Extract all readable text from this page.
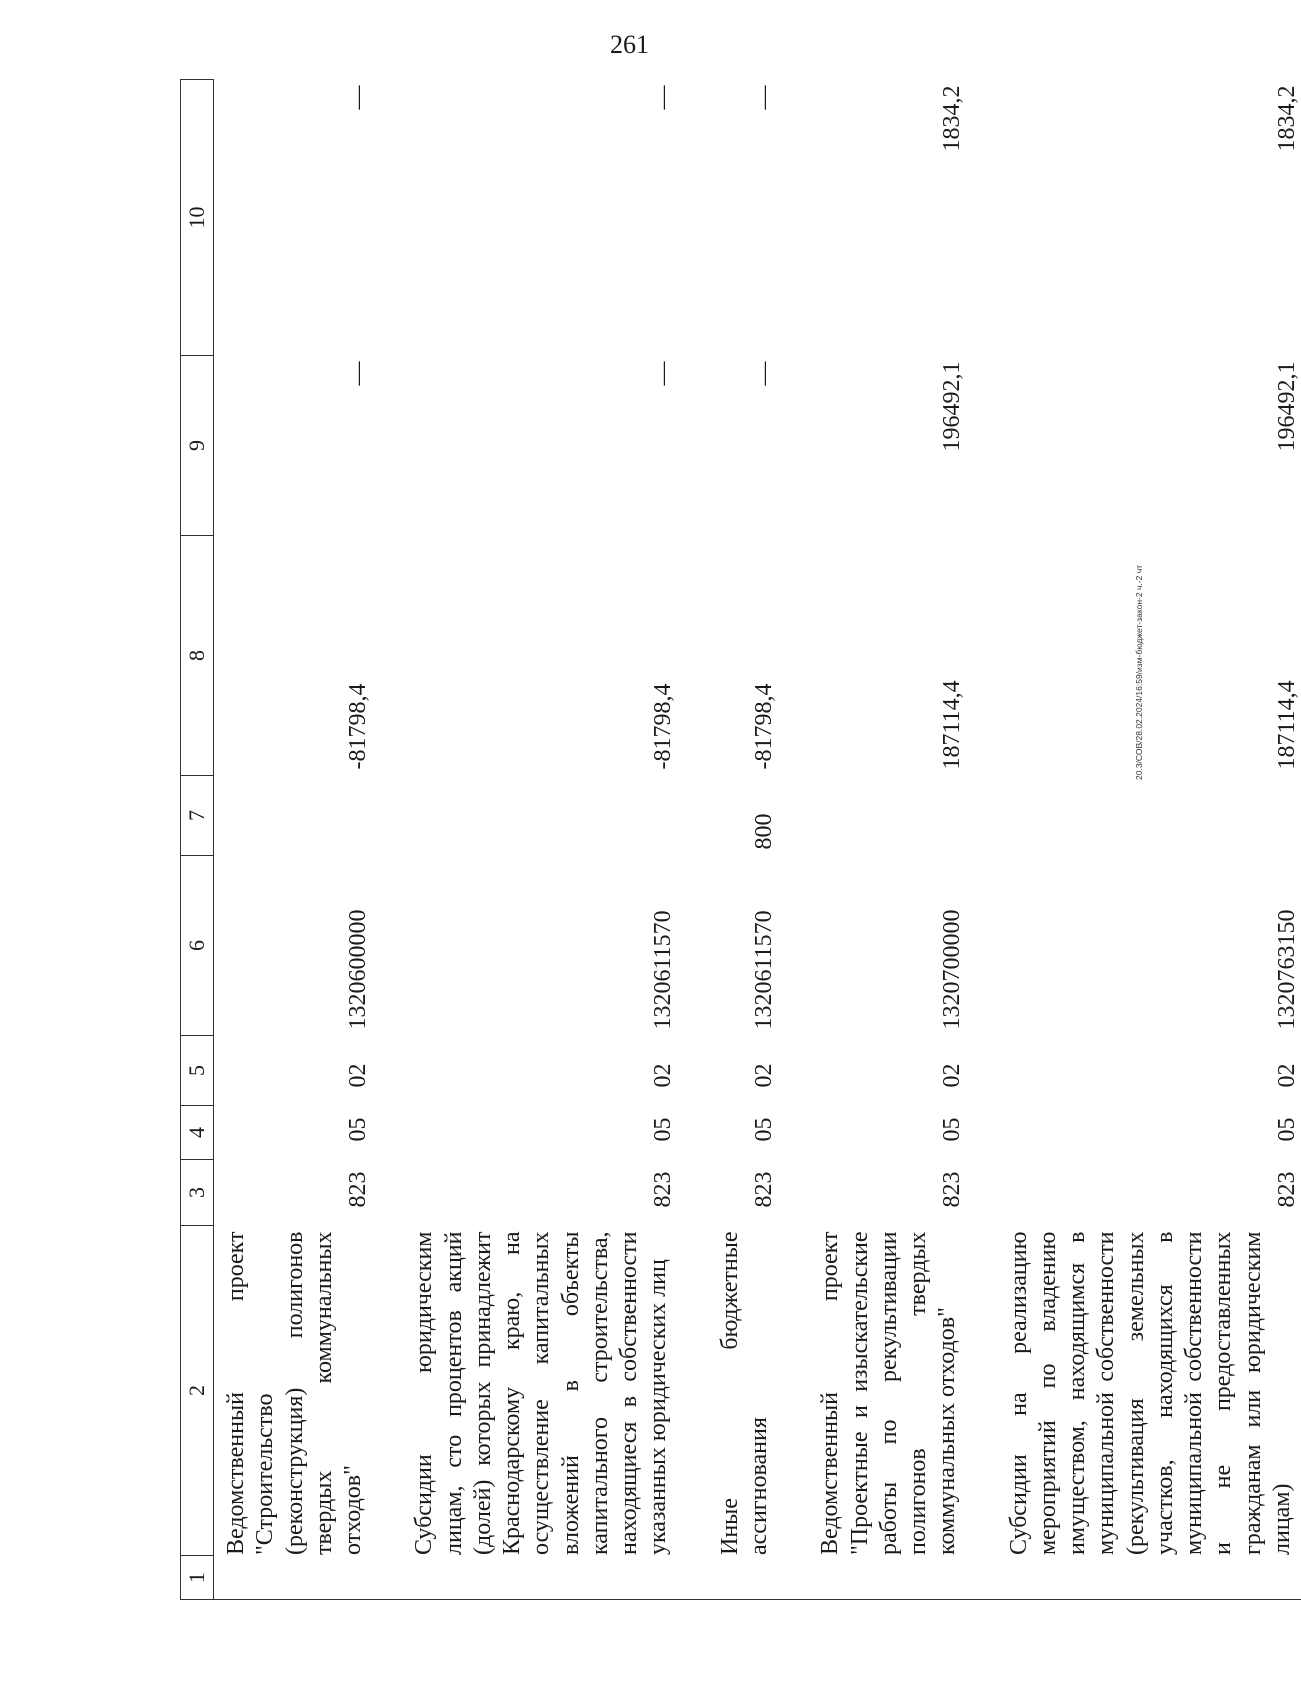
261
20.3/СОВ/28.02.2024/16:59/изм-бюджет-закон-2 ч.-2 чт
1	2	3	4	5	6	7	8	9	10
Ведомственный проект "Строительство (реконструкция) полигонов твердых коммунальных отходов"		823	05	02	1320600000		-81798,4	—	—

Субсидии юридическим лицам, сто процентов акций (долей) которых принадлежит Краснодарскому краю, на осуществление капитальных вложений в объекты капитального строительства, находящиеся в собственности указанных юридических лиц		823	05	02	1320611570		-81798,4	—	—

Иные бюджетные ассигнования		823	05	02	1320611570	800	-81798,4	—	—

Ведомственный проект "Проектные и изыскательские работы по рекультивации полигонов твердых коммунальных отходов"		823	05	02	1320700000		187114,4	196492,1	1834,2

Субсидии на реализацию мероприятий по владению имуществом, находящимся в муниципальной собственности (рекультивация земельных участков, находящихся в муниципальной собственности и не предоставленных гражданам или юридическим лицам)		823	05	02	1320763150		187114,4	196492,1	1834,2
